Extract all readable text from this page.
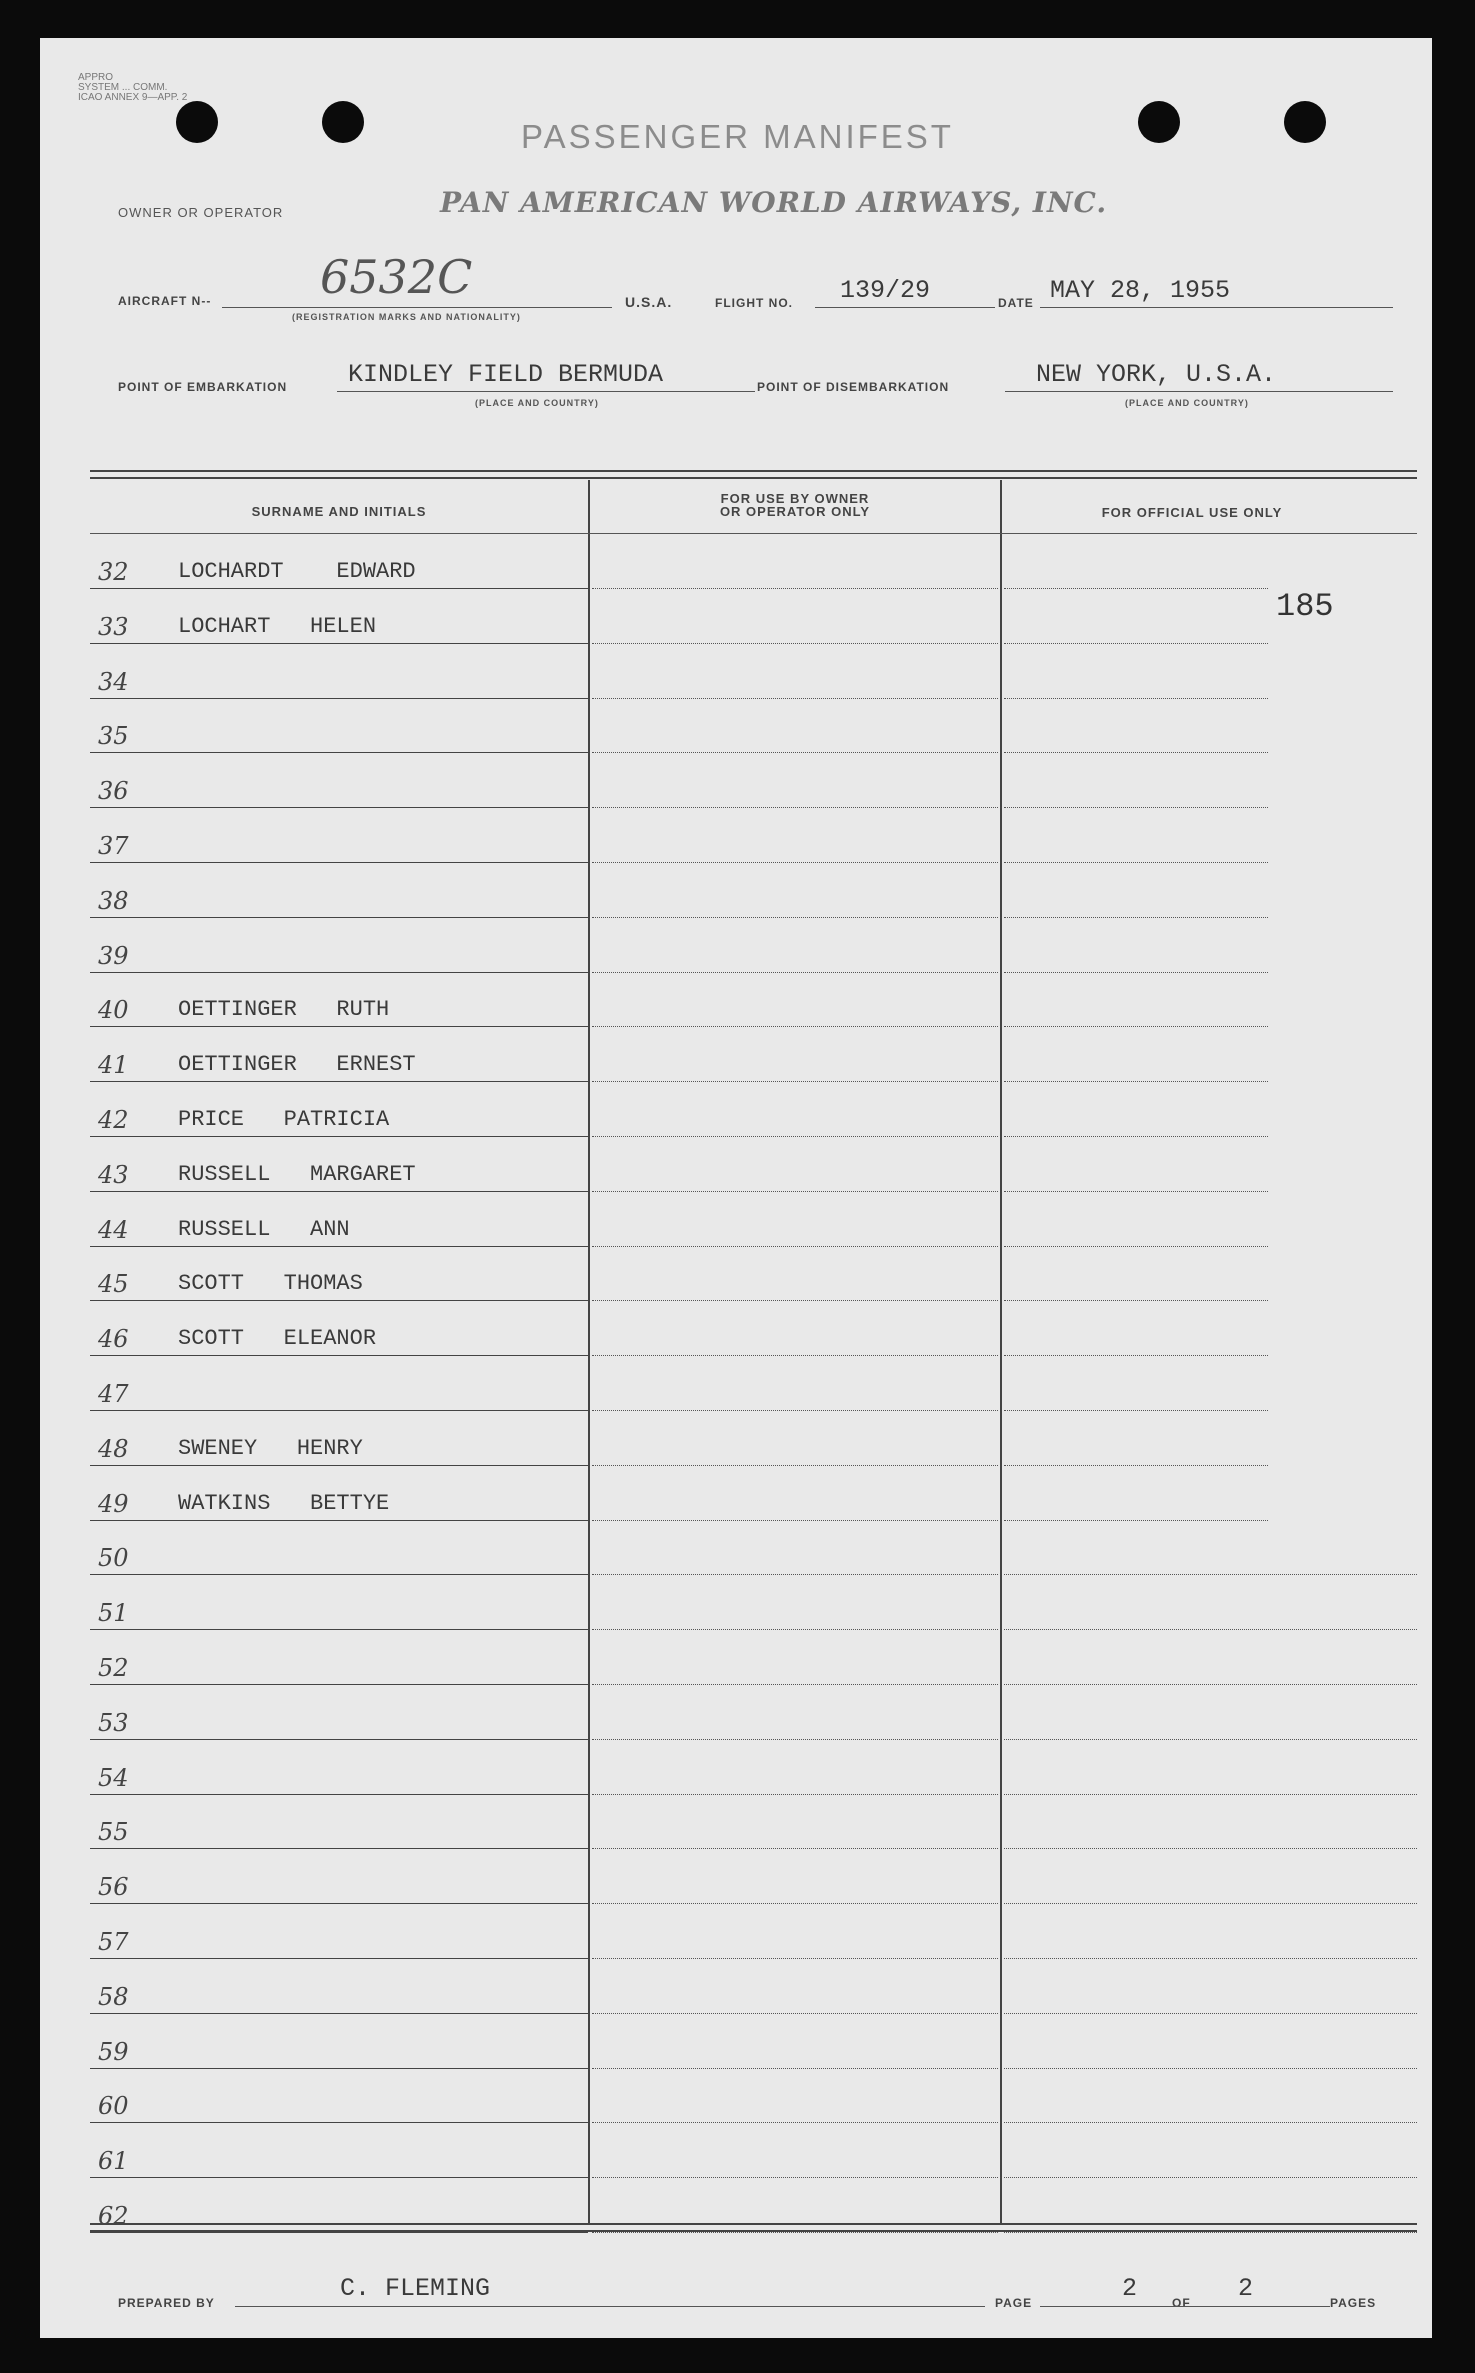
APPRO
SYSTEM ... COMM.
ICAO ANNEX 9—APP. 2
PASSENGER MANIFEST
OWNER OR OPERATOR	PAN AMERICAN WORLD AIRWAYS, INC.
AIRCRAFT N-- 6532C
(REGISTRATION MARKS AND NATIONALITY)
U.S.A.	FLIGHT NO. 139/29	DATE MAY 28, 1955
POINT OF EMBARKATION KINDLEY FIELD BERMUDA
(PLACE AND COUNTRY)
POINT OF DISEMBARKATION	NEW YORK, U.S.A.
(PLACE AND COUNTRY)
SURNAME AND INITIALS
FOR USE BY OWNER
OR OPERATOR ONLY	FOR OFFICIAL USE ONLY
185
32	LOCHARDT    EDWARD
33	LOCHART   HELEN
34
35
36
37
38
39
40	OETTINGER   RUTH
41	OETTINGER   ERNEST
42	PRICE   PATRICIA
43	RUSSELL   MARGARET
44	RUSSELL   ANN
45	SCOTT   THOMAS
46	SCOTT   ELEANOR
47
48	SWENEY   HENRY
49	WATKINS   BETTYE
50
51
52
53
54
55
56
57
58
59
60
61
62
PREPARED BY	C. FLEMING	PAGE	2	OF 2	PAGES
